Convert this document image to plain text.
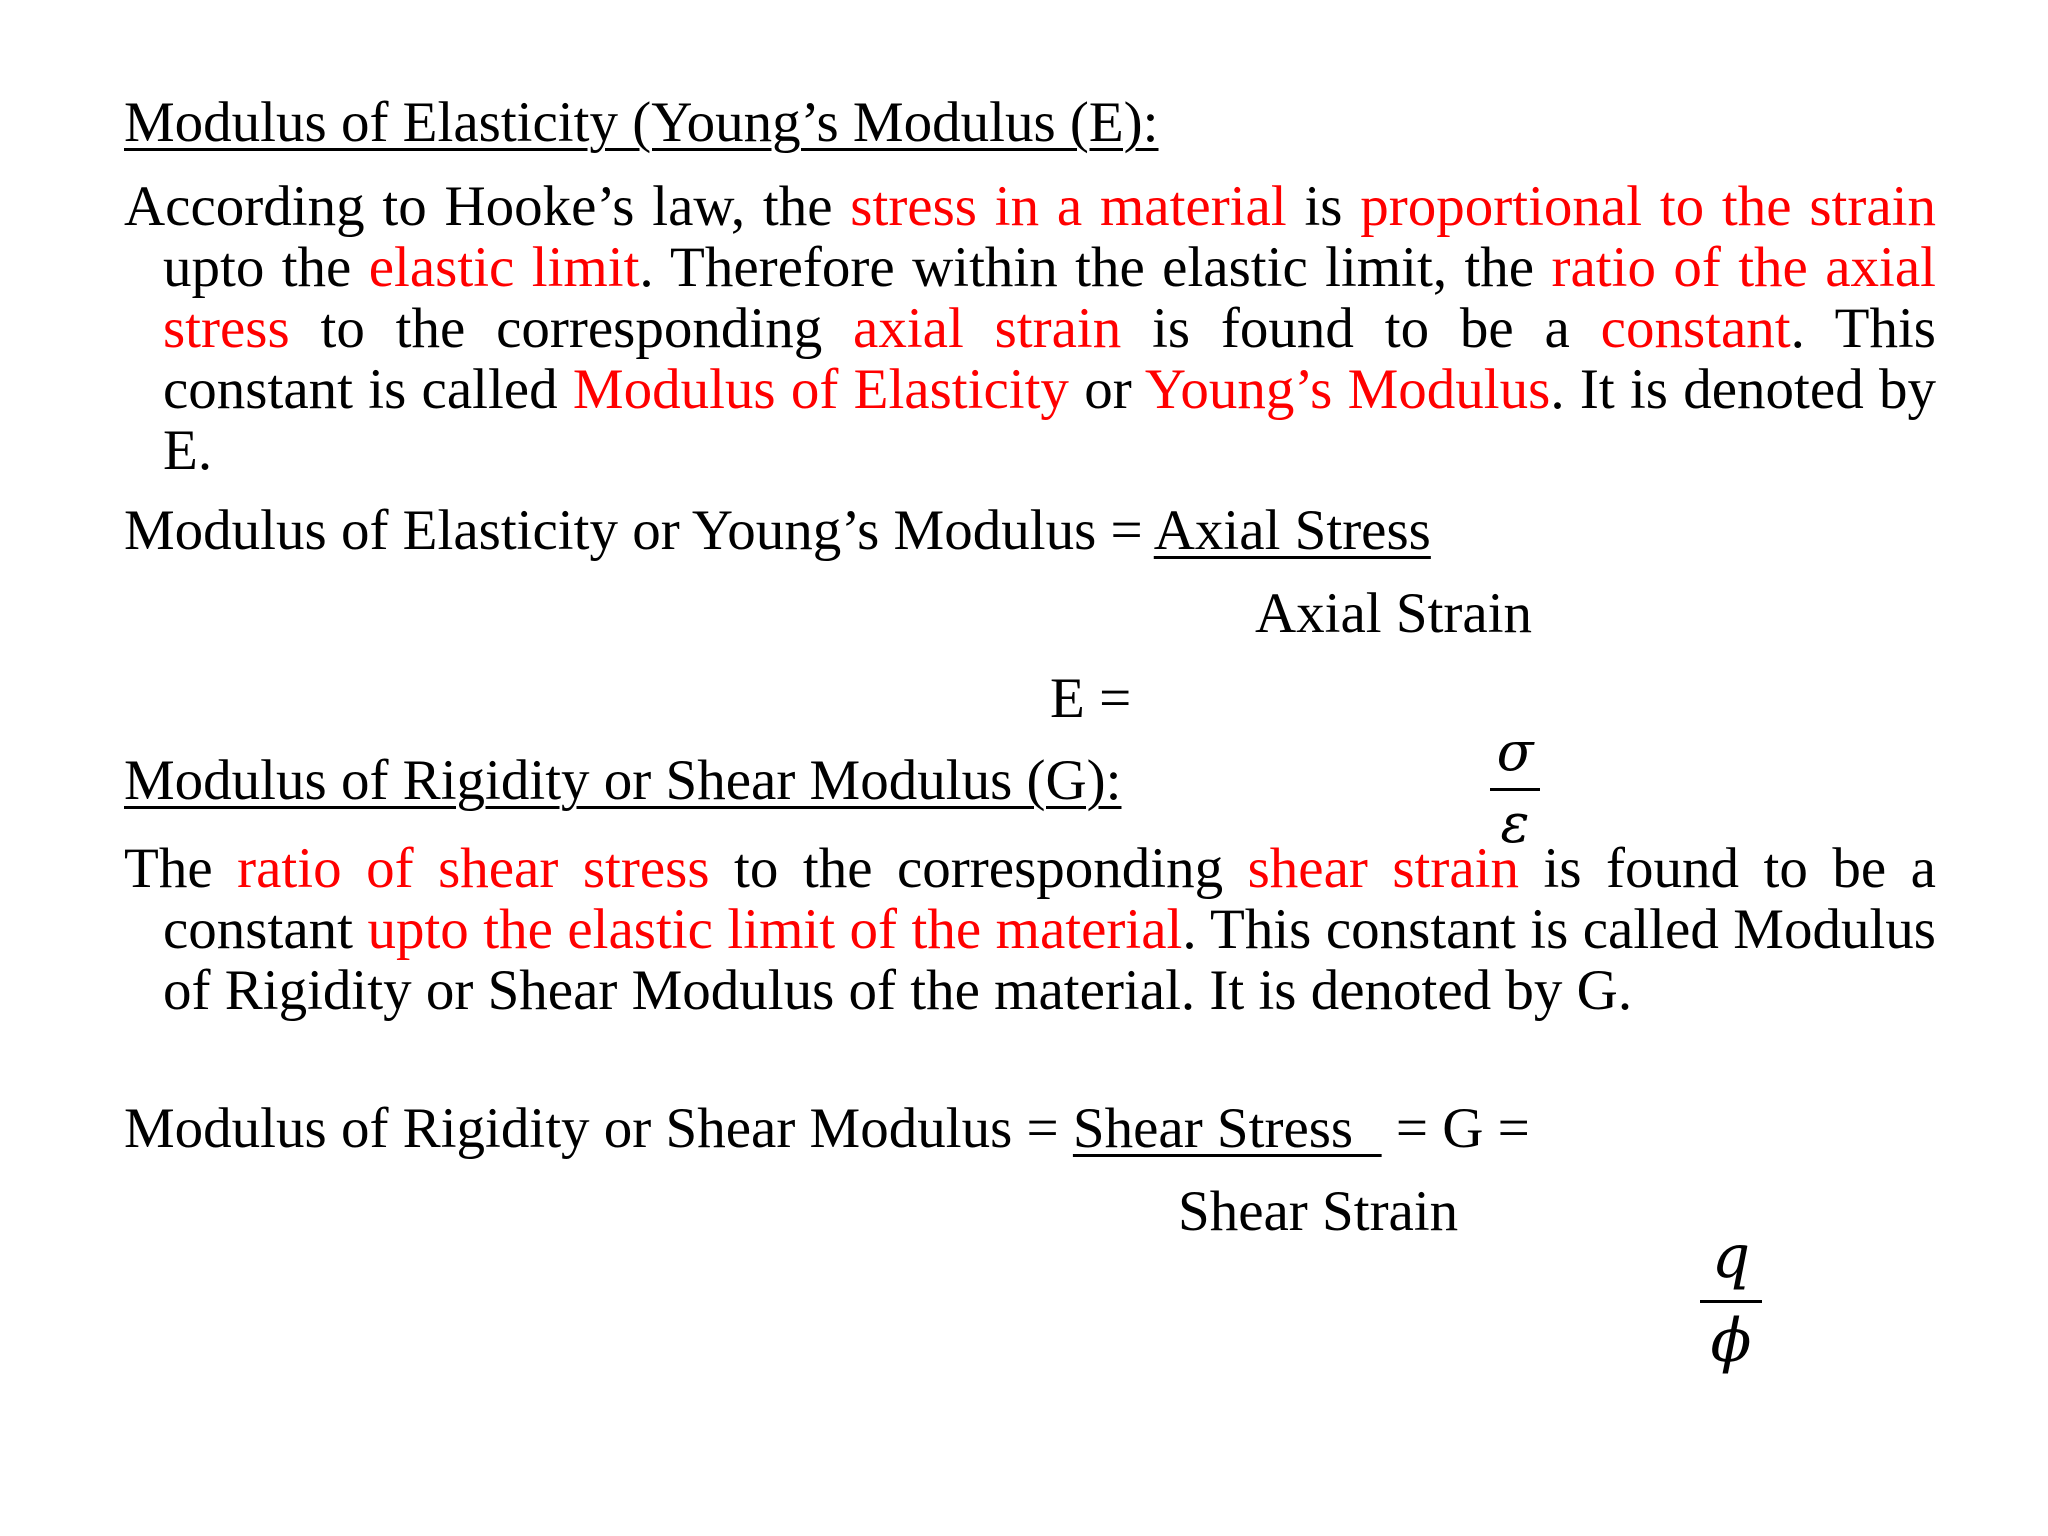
Modulus of Elasticity (Young’s Modulus (E):
According to Hooke’s law, the stress in a material is proportional to the strain upto the elastic limit. Therefore within the elastic limit, the ratio of the axial stress to the corresponding axial strain is found to be a constant. This constant is called Modulus of Elasticity or Young’s Modulus. It is denoted by E.
Modulus of Elasticity or Young’s Modulus = Axial Stress
Axial Strain
E =
σ
ε
Modulus of Rigidity or Shear Modulus (G):
The ratio of shear stress to the corresponding shear strain is found to be a constant upto the elastic limit of the material. This constant is called Modulus of Rigidity or Shear Modulus of the material. It is denoted by G.
Modulus of Rigidity or Shear Modulus = Shear Stress   = G =
Shear Strain
q
ϕ
